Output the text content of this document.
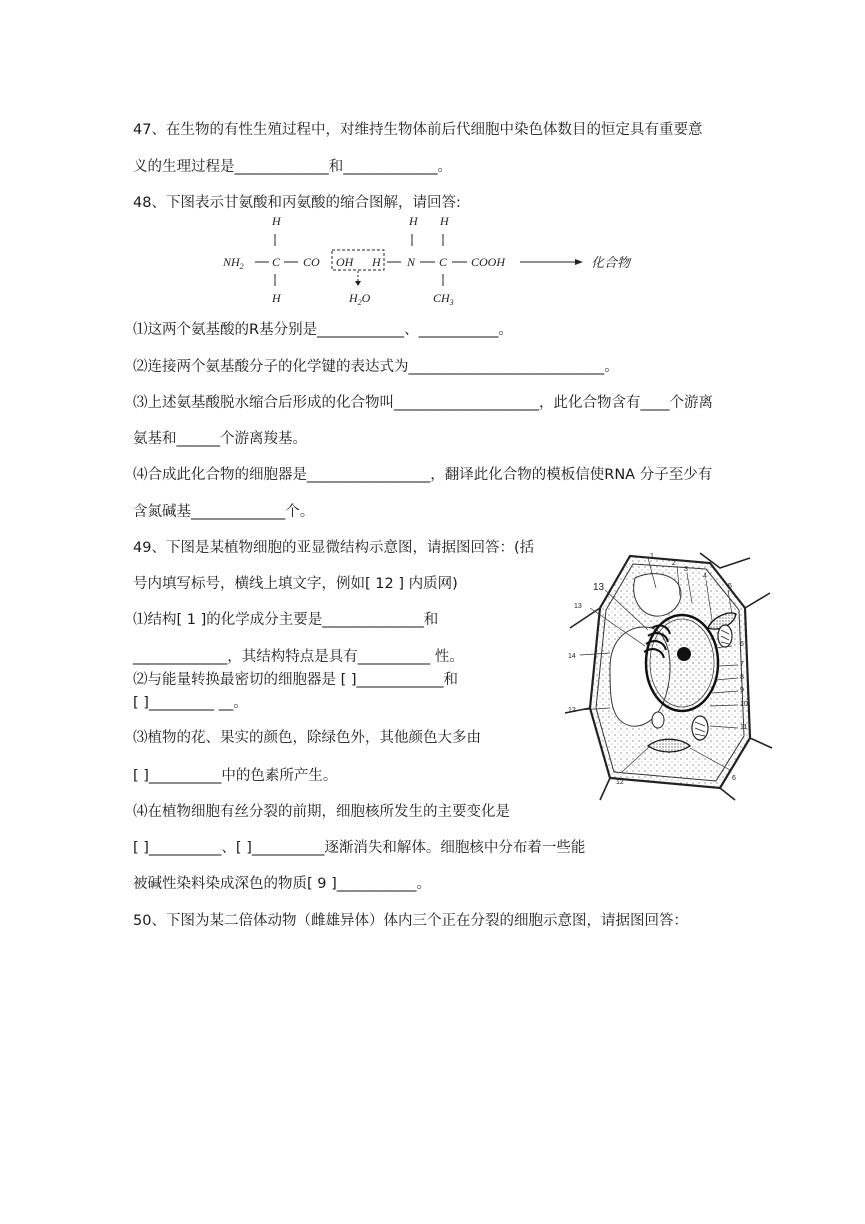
47、在生物的有性生殖过程中，对维持生物体前后代细胞中染色体数目的恒定具有重要意
义的生理过程是_____________和_____________。
48、下图表示甘氨酸和丙氨酸的缩合图解，请回答:
H	H H
$NH_2$ C CO OH H N C COOH	化合物
H	$H_2O$	$CH_3$
⑴这两个氨基酸的R基分别是____________、___________。
⑵连接两个氨基酸分子的化学键的表达式为___________________________。
⑶上述氨基酸脱水缩合后形成的化合物叫____________________，此化合物含有____个游离
氨基和______个游离羧基。
⑷合成此化合物的细胞器是_________________，翻译此化合物的模板信使RNA 分子至少有
含氮碱基_____________个。
49、下图是某植物细胞的亚显微结构示意图，请据图回答：(括
号内填写标号，横线上填文字，例如[ 12 ] 内质网)
⑴结构[ 1 ]的化学成分主要是______________和
_____________，其结构特点是具有__________ 性。
⑵与能量转换最密切的细胞器是 [ ]____________和
[ ]_________ __。
⑶植物的花、果实的颜色，除绿色外，其他颜色大多由
[ ]__________中的色素所产生。
⑷在植物细胞有丝分裂的前期，细胞核所发生的主要变化是
[ ]__________、[ ]__________逐渐消失和解体。细胞核中分布着一些能
被碱性染料染成深色的物质[ 9 ]___________。
1
2
3
4
5
6
7
8
9
10
11
12
13
13
14
12
6
50、下图为某二倍体动物（雌雄异体）体内三个正在分裂的细胞示意图，请据图回答：
